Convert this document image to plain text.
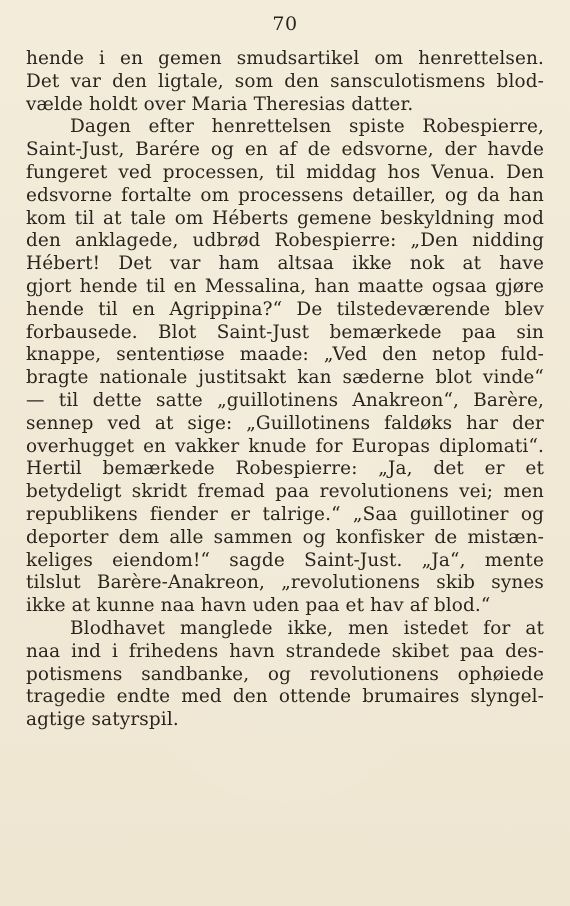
70
hende i en gemen smudsartikel om henrettelsen.
Det var den ligtale, som den sansculotismens blod-
vælde holdt over Maria Theresias datter.
Dagen efter henrettelsen spiste Robespierre,
Saint-Just, Barére og en af de edsvorne, der havde
fungeret ved processen, til middag hos Venua. Den
edsvorne fortalte om processens detailler, og da han
kom til at tale om Héberts gemene beskyldning mod
den anklagede, udbrød Robespierre: „Den nidding
Hébert! Det var ham altsaa ikke nok at have
gjort hende til en Messalina, han maatte ogsaa gjøre
hende til en Agrippina?“ De tilstedeværende blev
forbausede. Blot Saint-Just bemærkede paa sin
knappe, sententiøse maade: „Ved den netop fuld-
bragte nationale justitsakt kan sæderne blot vinde“
— til dette satte „guillotinens Anakreon“, Barère,
sennep ved at sige: „Guillotinens faldøks har der
overhugget en vakker knude for Europas diplomati“.
Hertil bemærkede Robespierre: „Ja, det er et
betydeligt skridt fremad paa revolutionens vei; men
republikens fiender er talrige.“ „Saa guillotiner og
deporter dem alle sammen og konfisker de mistæn-
keliges eiendom!“ sagde Saint-Just. „Ja“, mente
tilslut Barère-Anakreon, „revolutionens skib synes
ikke at kunne naa havn uden paa et hav af blod.“
Blodhavet manglede ikke, men istedet for at
naa ind i frihedens havn strandede skibet paa des-
potismens sandbanke, og revolutionens ophøiede
tragedie endte med den ottende brumaires slyngel-
agtige satyrspil.
